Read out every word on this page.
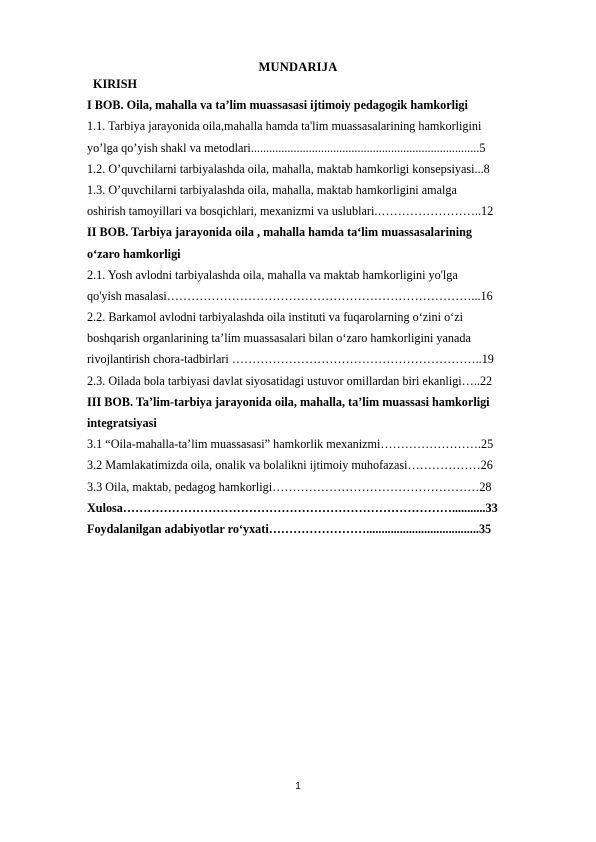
MUNDARIJA
KIRISH
I BOB. Oila, mahalla va ta’lim muassasasi ijtimoiy pedagogik hamkorligi
1.1. Tarbiya jarayonida oila,mahalla hamda ta'lim muassasalarining hamkorligini
yo’lga qo’yish shakl va metodlari...........................................................................5
1.2. O’quvchilarni tarbiyalashda oila, mahalla, maktab hamkorligi konsepsiyasi...8
1.3. O’quvchilarni tarbiyalashda oila, mahalla, maktab hamkorligini amalga
oshirish tamoyillari va bosqichlari, mexanizmi va uslublari.……………………..12
II BOB. Tarbiya jarayonida oila , mahalla hamda ta‘lim muassasalarining
o‘zaro hamkorligi
2.1. Yosh avlodni tarbiyalashda oila, mahalla va maktab hamkorligini yo'lga
qo'yish masalasi…………………………………………………………………...16
2.2. Barkamol avlodni tarbiyalashda oila instituti va fuqarolarning o‘zini o‘zi
boshqarish organlarining ta’lim muassasalari bilan o‘zaro hamkorligini yanada
rivojlantirish chora-tadbirlari ……………………………………………………..19
2.3. Oilada bola tarbiyasi davlat siyosatidagi ustuvor omillardan biri ekanligi…..22
III BOB. Ta’lim-tarbiya jarayonida oila, mahalla, ta’lim muassasi hamkorligi
integratsiyasi
3.1 “Oila-mahalla-ta’lim muassasasi” hamkorlik mexanizmi…………………….25
3.2 Mamlakatimizda oila, onalik va bolalikni ijtimoiy muhofazasi………………26
3.3 Oila, maktab, pedagog hamkorligi……………………………………………28
Xulosa………………………………………………………………………...........33
Foydalanilgan adabiyotlar ro‘yxati…………………….....................................35
1
